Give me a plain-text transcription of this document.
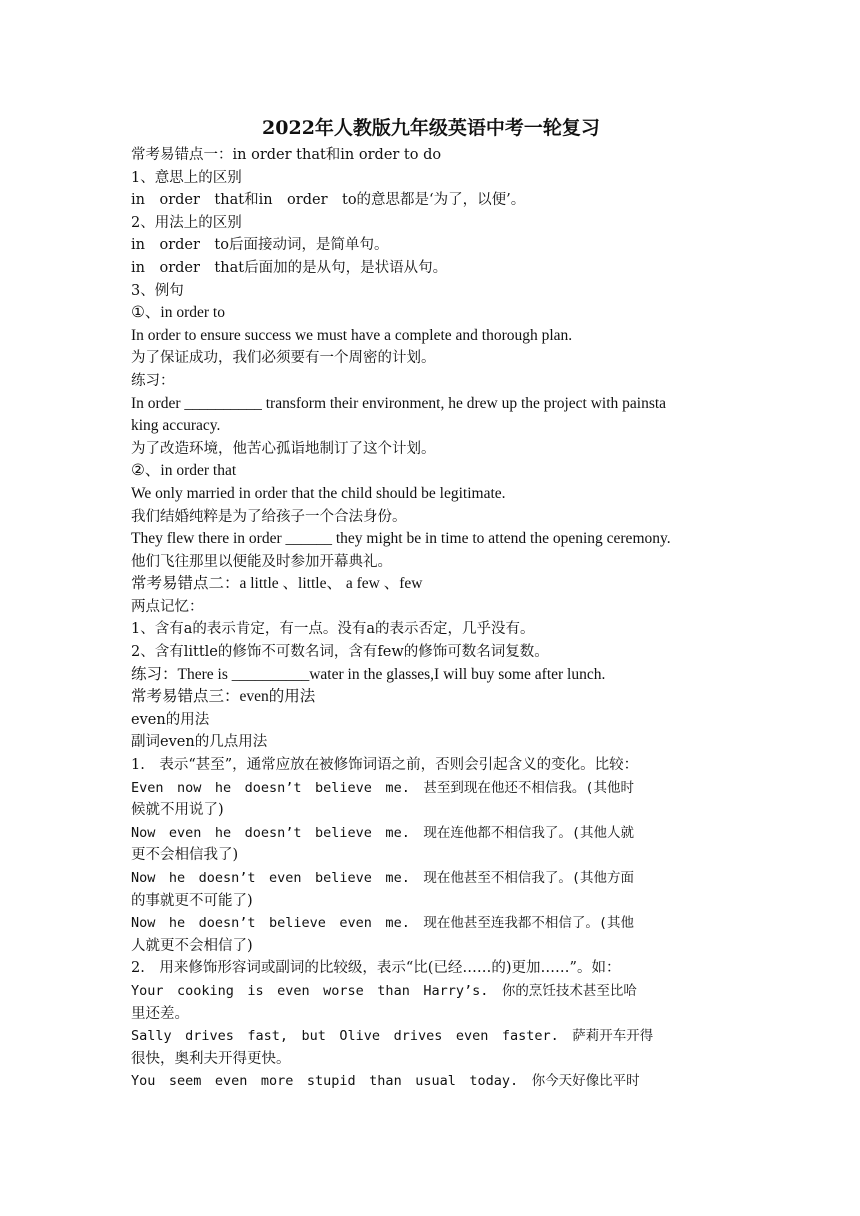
2022年人教版九年级英语中考一轮复习

常考易错点一：in order that和in order to do

1、意思上的区别

in　order　that和in　order　to的意思都是‘为了，以便’。

2、用法上的区别

in　order　to后面接动词，是简单句。

in　order　that后面加的是从句，是状语从句。

3、例句

①、in order to

In order to ensure success we must have a complete and thorough plan.

为了保证成功，我们必须要有一个周密的计划。

练习：

In order __________ transform their environment, he drew up the project with painsta

king accuracy.

为了改造环境，他苦心孤诣地制订了这个计划。

②、in order that

We only married in order that the child should be legitimate.

我们结婚纯粹是为了给孩子一个合法身份。

They flew there in order ______ they might be in time to attend the opening ceremony.

他们飞往那里以便能及时参加开幕典礼。

常考易错点二：a little 、little、 a few 、few

两点记忆：

1、含有a的表示肯定，有一点。没有a的表示否定，几乎没有。

2、含有little的修饰不可数名词，含有few的修饰可数名词复数。

练习：There is __________water in the glasses,I will buy some after lunch.

常考易错点三：even的用法

even的用法

副词even的几点用法

1.　表示“甚至”，通常应放在被修饰词语之前，否则会引起含义的变化。比较：

Even　now　he　doesn’t　believe　me.　甚至到现在他还不相信我。(其他时

候就不用说了)

Now　even　he　doesn’t　believe　me.　现在连他都不相信我了。(其他人就

更不会相信我了)

Now　he　doesn’t　even　believe　me.　现在他甚至不相信我了。(其他方面

的事就更不可能了)

Now　he　doesn’t　believe　even　me.　现在他甚至连我都不相信了。(其他

人就更不会相信了)

2.　用来修饰形容词或副词的比较级，表示“比(已经……的)更加……”。如：

Your　cooking　is　even　worse　than　Harry’s.　你的烹饪技术甚至比哈

里还差。

Sally　drives　fast,　but　Olive　drives　even　faster.　萨莉开车开得

很快，奥利夫开得更快。

You　seem　even　more　stupid　than　usual　today.　你今天好像比平时
